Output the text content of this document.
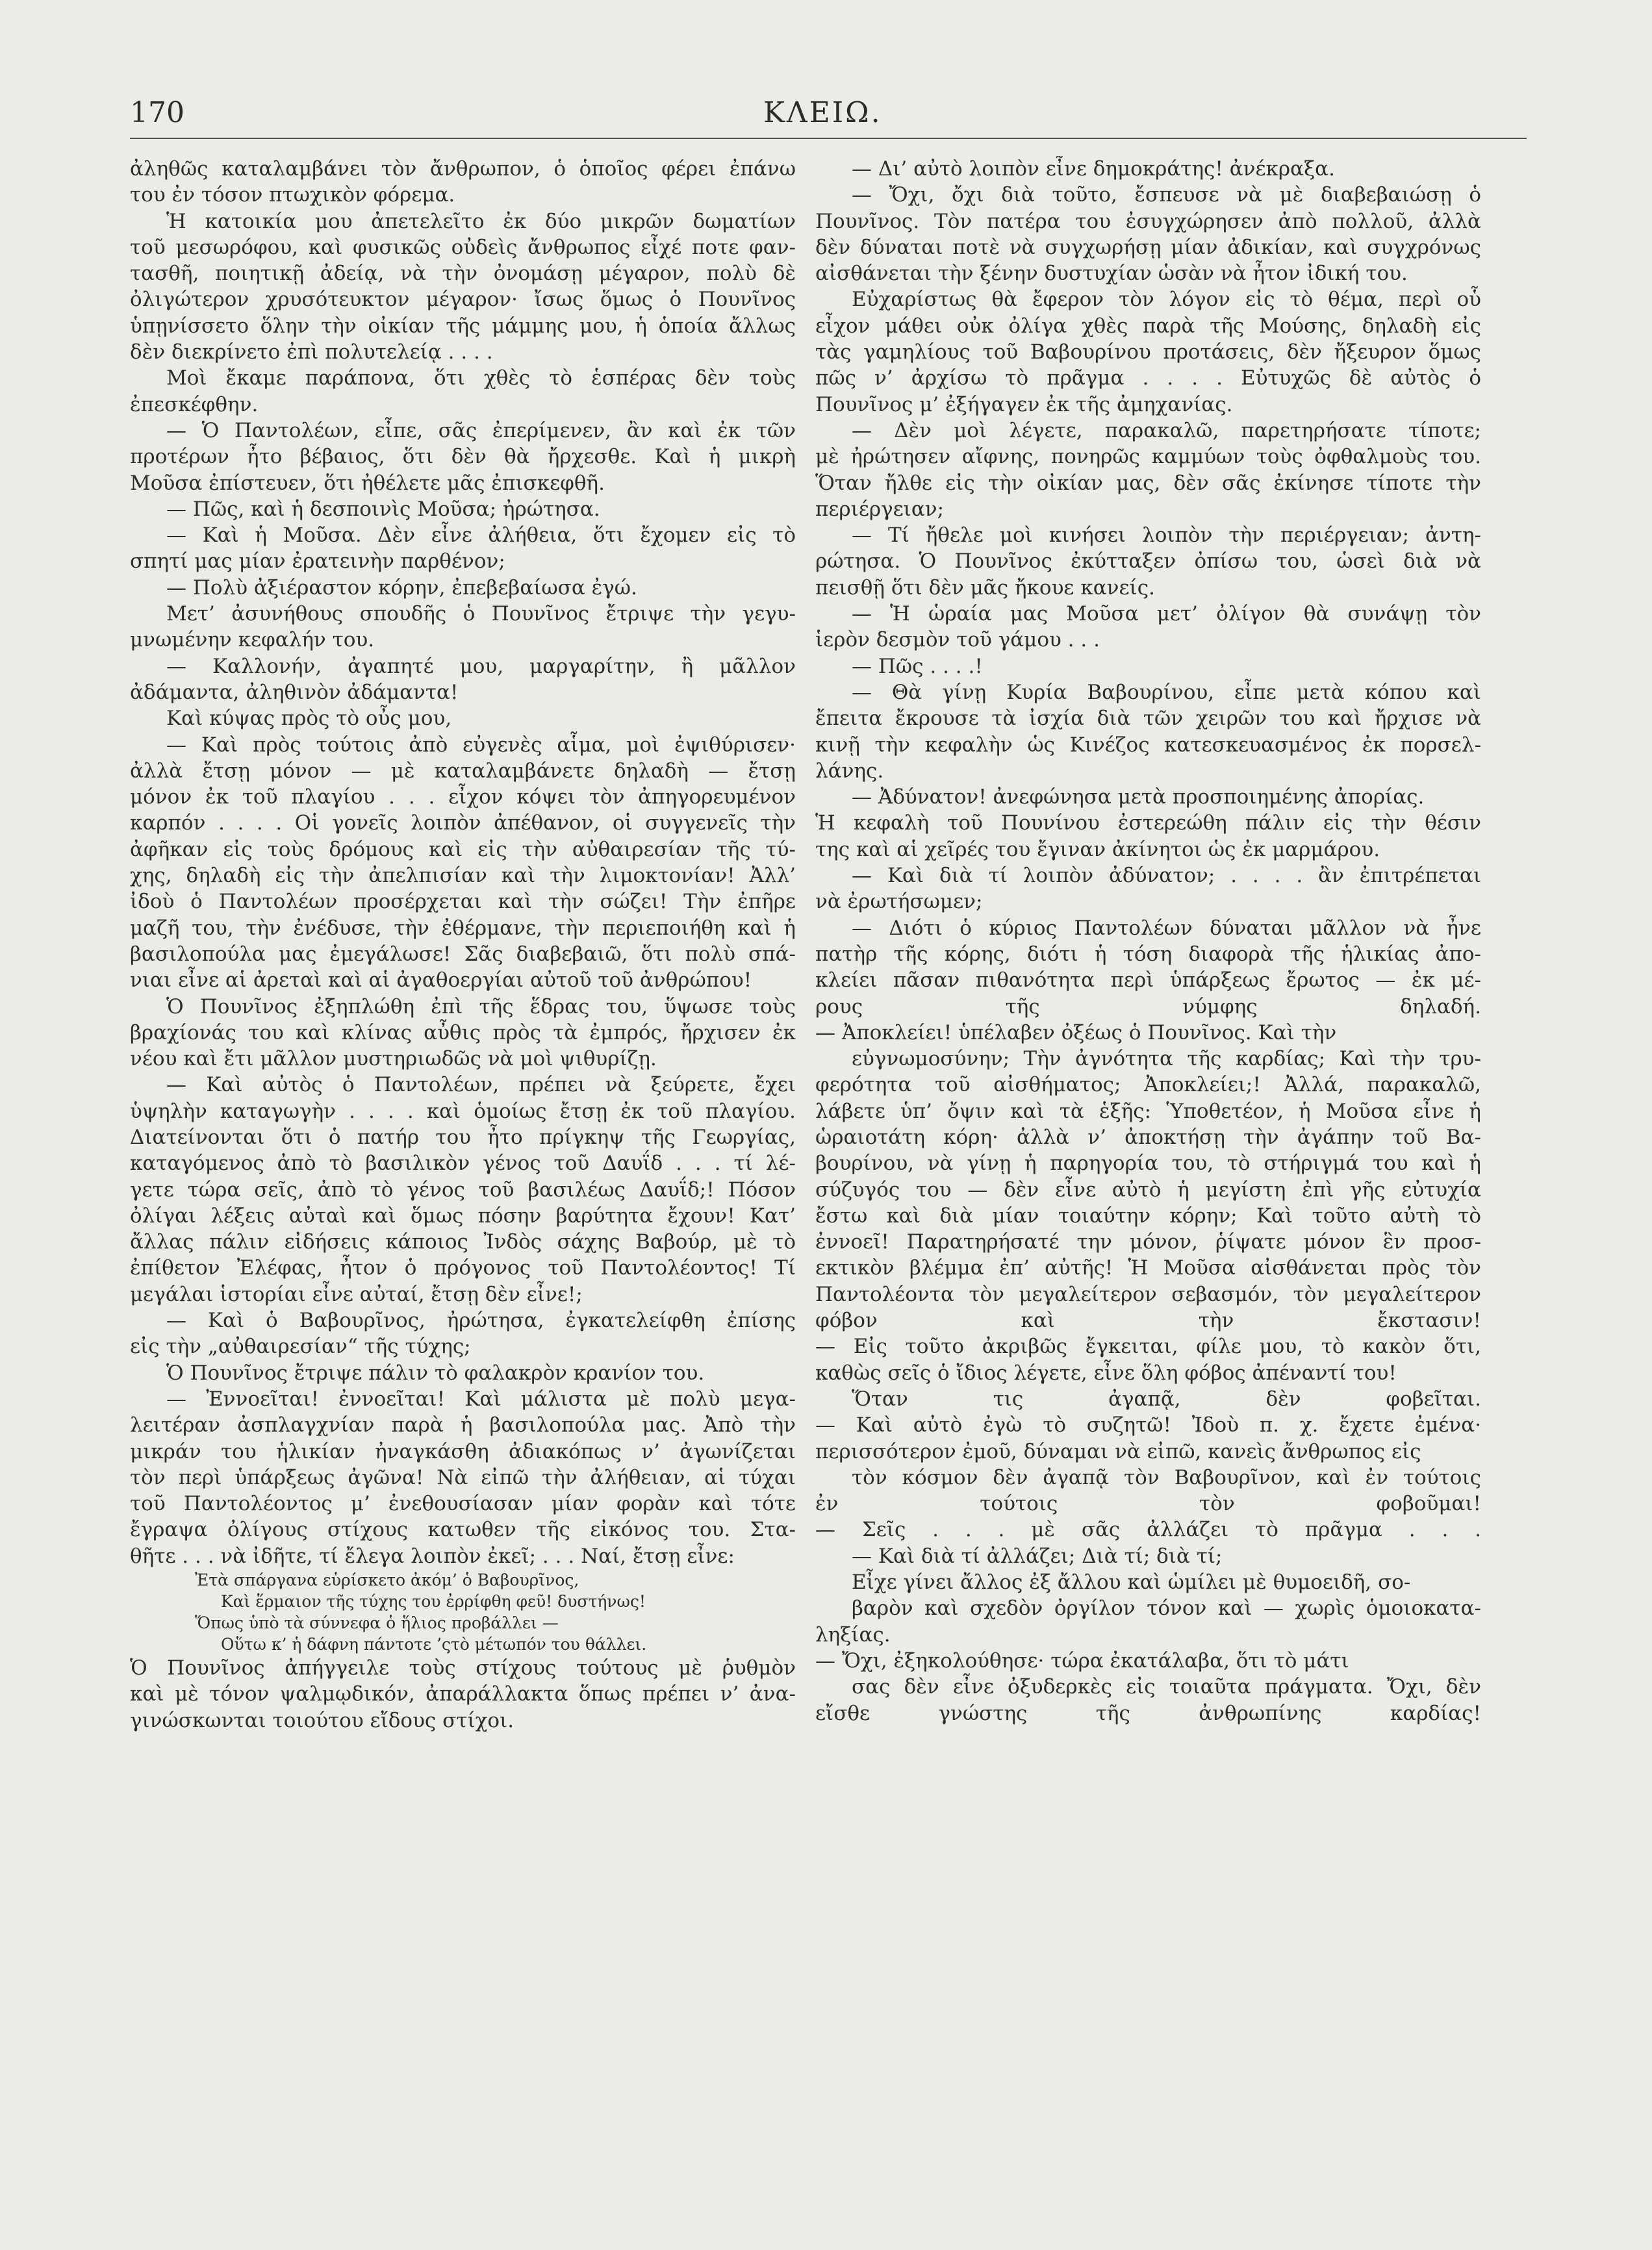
170	ΚΛΕΙΩ.
ἀληθῶς καταλαμβάνει τὸν ἄνθρωπον, ὁ ὁποῖος φέρει ἐπάνω
του ἐν τόσον πτωχικὸν φόρεμα.
Ἡ κατοικία μου ἀπετελεῖτο ἐκ δύο μικρῶν δωματίων
τοῦ μεσωρόφου, καὶ φυσικῶς οὐδεὶς ἄνθρωπος εἶχέ ποτε φαν-
τασθῆ, ποιητικῇ ἀδείᾳ, νὰ τὴν ὀνομάσῃ μέγαρον, πολὺ δὲ
ὀλιγώτερον χρυσότευκτον μέγαρον· ἴσως ὅμως ὁ Πουνῖνος
ὑπῃνίσσετο ὅλην τὴν οἰκίαν τῆς μάμμης μου, ἡ ὁποία ἄλλως
δὲν διεκρίνετο ἐπὶ πολυτελείᾳ . . . .
Μοὶ ἔκαμε παράπονα, ὅτι χθὲς τὸ ἑσπέρας δὲν τοὺς
ἐπεσκέφθην.
— Ὁ Παντολέων, εἶπε, σᾶς ἐπερίμενεν, ἂν καὶ ἐκ τῶν
προτέρων ἦτο βέβαιος, ὅτι δὲν θὰ ἤρχεσθε. Καὶ ἡ μικρὴ
Μοῦσα ἐπίστευεν, ὅτι ἠθέλετε μᾶς ἐπισκεφθῆ.
— Πῶς, καὶ ἡ δεσποινὶς Μοῦσα; ἠρώτησα.
— Καὶ ἡ Μοῦσα. Δὲν εἶνε ἀλήθεια, ὅτι ἔχομεν εἰς τὸ
σπητί μας μίαν ἐρατεινὴν παρθένον;
— Πολὺ ἀξιέραστον κόρην, ἐπεβεβαίωσα ἐγώ.
Μετ’ ἀσυνήθους σπουδῆς ὁ Πουνῖνος ἔτριψε τὴν γεγυ-
μνωμένην κεφαλήν του.
— Καλλονήν, ἀγαπητέ μου, μαργαρίτην, ἢ μᾶλλον
ἀδάμαντα, ἀληθινὸν ἀδάμαντα!
Καὶ κύψας πρὸς τὸ οὖς μου,
— Καὶ πρὸς τούτοις ἀπὸ εὐγενὲς αἷμα, μοὶ ἐψιθύρισεν·
ἀλλὰ ἔτσῃ μόνον — μὲ καταλαμβάνετε δηλαδὴ — ἔτσῃ
μόνον ἐκ τοῦ πλαγίου . . . εἶχον κόψει τὸν ἀπηγορευμένον
καρπόν . . . . Οἱ γονεῖς λοιπὸν ἀπέθανον, οἱ συγγενεῖς τὴν
ἀφῆκαν εἰς τοὺς δρόμους καὶ εἰς τὴν αὐθαιρεσίαν τῆς τύ-
χης, δηλαδὴ εἰς τὴν ἀπελπισίαν καὶ τὴν λιμοκτονίαν! Ἀλλ’
ἰδοὺ ὁ Παντολέων προσέρχεται καὶ τὴν σώζει! Τὴν ἐπῆρε
μαζῆ του, τὴν ἐνέδυσε, τὴν ἐθέρμανε, τὴν περιεποιήθη καὶ ἡ
βασιλοπούλα μας ἐμεγάλωσε! Σᾶς διαβεβαιῶ, ὅτι πολὺ σπά-
νιαι εἶνε αἱ ἀρεταὶ καὶ αἱ ἀγαθοεργίαι αὐτοῦ τοῦ ἀνθρώπου!
Ὁ Πουνῖνος ἐξηπλώθη ἐπὶ τῆς ἕδρας του, ὕψωσε τοὺς
βραχίονάς του καὶ κλίνας αὖθις πρὸς τὰ ἐμπρός, ἤρχισεν ἐκ
νέου καὶ ἔτι μᾶλλον μυστηριωδῶς νὰ μοὶ ψιθυρίζῃ.
— Καὶ αὐτὸς ὁ Παντολέων, πρέπει νὰ ξεύρετε, ἔχει
ὑψηλὴν καταγωγὴν . . . . καὶ ὁμοίως ἔτσῃ ἐκ τοῦ πλαγίου.
Διατείνονται ὅτι ὁ πατήρ του ἦτο πρίγκηψ τῆς Γεωργίας,
καταγόμενος ἀπὸ τὸ βασιλικὸν γένος τοῦ Δαυΐδ . . . τί λέ-
γετε τώρα σεῖς, ἀπὸ τὸ γένος τοῦ βασιλέως Δαυΐδ;! Πόσον
ὀλίγαι λέξεις αὐταὶ καὶ ὅμως πόσην βαρύτητα ἔχουν! Κατ’
ἄλλας πάλιν εἰδήσεις κάποιος Ἰνδὸς σάχης Βαβούρ, μὲ τὸ
ἐπίθετον Ἐλέφας, ἦτον ὁ πρόγονος τοῦ Παντολέοντος! Τί
μεγάλαι ἱστορίαι εἶνε αὐταί, ἔτσῃ δὲν εἶνε!;
— Καὶ ὁ Βαβουρῖνος, ἠρώτησα, ἐγκατελείφθη ἐπίσης
εἰς τὴν „αὐθαιρεσίαν“ τῆς τύχης;
Ὁ Πουνῖνος ἔτριψε πάλιν τὸ φαλακρὸν κρανίον του.
— Ἐννοεῖται! ἐννοεῖται! Καὶ μάλιστα μὲ πολὺ μεγα-
λειτέραν ἀσπλαγχνίαν παρὰ ἡ βασιλοπούλα μας. Ἀπὸ τὴν
μικράν του ἡλικίαν ἠναγκάσθη ἀδιακόπως ν’ ἀγωνίζεται
τὸν περὶ ὑπάρξεως ἀγῶνα! Νὰ εἰπῶ τὴν ἀλήθειαν, αἱ τύχαι
τοῦ Παντολέοντος μ’ ἐνεθουσίασαν μίαν φορὰν καὶ τότε
ἔγραψα ὀλίγους στίχους κατωθεν τῆς εἰκόνος του. Στα-
θῆτε . . . νὰ ἰδῆτε, τί ἔλεγα λοιπὸν ἐκεῖ; . . . Ναί, ἔτσῃ εἶνε:
Ἐτὰ σπάργανα εὑρίσκετο ἀκόμ’ ὁ Βαβουρῖνος,
Καὶ ἕρμαιον τῆς τύχης του ἐρρίφθη φεῦ! δυστήνως!
Ὅπως ὑπὸ τὰ σύννεφα ὁ ἥλιος προβάλλει —
Οὕτω κ’ ἡ δάφνη πάντοτε ’ςτὸ μέτωπόν του θάλλει.
Ὁ Πουνῖνος ἀπήγγειλε τοὺς στίχους τούτους μὲ ῥυθμὸν
καὶ μὲ τόνον ψαλμῳδικόν, ἀπαράλλακτα ὅπως πρέπει ν’ ἀνα-
γινώσκωνται τοιούτου εἴδους στίχοι.
— Δι’ αὐτὸ λοιπὸν εἶνε δημοκράτης! ἀνέκραξα.
— Ὄχι, ὄχι διὰ τοῦτο, ἔσπευσε νὰ μὲ διαβεβαιώσῃ ὁ
Πουνῖνος. Τὸν πατέρα του ἐσυγχώρησεν ἀπὸ πολλοῦ, ἀλλὰ
δὲν δύναται ποτὲ νὰ συγχωρήσῃ μίαν ἀδικίαν, καὶ συγχρόνως
αἰσθάνεται τὴν ξένην δυστυχίαν ὡσὰν νὰ ἦτον ἰδική του.
Εὐχαρίστως θὰ ἔφερον τὸν λόγον εἰς τὸ θέμα, περὶ οὗ
εἶχον μάθει οὐκ ὀλίγα χθὲς παρὰ τῆς Μούσης, δηλαδὴ εἰς
τὰς γαμηλίους τοῦ Βαβουρίνου προτάσεις, δὲν ἤξευρον ὅμως
πῶς ν’ ἀρχίσω τὸ πρᾶγμα . . . . Εὐτυχῶς δὲ αὐτὸς ὁ
Πουνῖνος μ’ ἐξήγαγεν ἐκ τῆς ἀμηχανίας.
— Δὲν μοὶ λέγετε, παρακαλῶ, παρετηρήσατε τίποτε;
μὲ ἠρώτησεν αἴφνης, πονηρῶς καμμύων τοὺς ὀφθαλμοὺς του.
Ὅταν ἤλθε εἰς τὴν οἰκίαν μας, δὲν σᾶς ἐκίνησε τίποτε τὴν
περιέργειαν;
— Τί ἤθελε μοὶ κινήσει λοιπὸν τὴν περιέργειαν; ἀντη-
ρώτησα. Ὁ Πουνῖνος ἐκύτταξεν ὀπίσω του, ὡσεὶ διὰ νὰ
πεισθῇ ὅτι δὲν μᾶς ἤκουε κανείς.
— Ἡ ὡραία μας Μοῦσα μετ’ ὀλίγον θὰ συνάψῃ τὸν
ἱερὸν δεσμὸν τοῦ γάμου . . .
— Πῶς . . . .!
— Θὰ γίνῃ Κυρία Βαβουρίνου, εἶπε μετὰ κόπου καὶ
ἔπειτα ἔκρουσε τὰ ἰσχία διὰ τῶν χειρῶν του καὶ ἤρχισε νὰ
κινῇ τὴν κεφαλὴν ὡς Κινέζος κατεσκευασμένος ἐκ πορσελ-
λάνης.
— Ἀδύνατον! ἀνεφώνησα μετὰ προσποιημένης ἀπορίας.
Ἡ κεφαλὴ τοῦ Πουνίνου ἐστερεώθη πάλιν εἰς τὴν θέσιν
της καὶ αἱ χεῖρές του ἔγιναν ἀκίνητοι ὡς ἐκ μαρμάρου.
— Καὶ διὰ τί λοιπὸν ἀδύνατον; . . . . ἂν ἐπιτρέπεται
νὰ ἐρωτήσωμεν;
— Διότι ὁ κύριος Παντολέων δύναται μᾶλλον νὰ ἦνε
πατὴρ τῆς κόρης, διότι ἡ τόση διαφορὰ τῆς ἡλικίας ἀπο-
κλείει πᾶσαν πιθανότητα περὶ ὑπάρξεως ἔρωτος — ἐκ μέ-
ρους τῆς νύμφης δηλαδή.
— Ἀποκλείει! ὑπέλαβεν ὀξέως ὁ Πουνῖνος. Καὶ τὴν
εὐγνωμοσύνην; Τὴν ἀγνότητα τῆς καρδίας; Καὶ τὴν τρυ-
φερότητα τοῦ αἰσθήματος; Ἀποκλείει;! Ἀλλά, παρακαλῶ,
λάβετε ὑπ’ ὄψιν καὶ τὰ ἑξῆς: Ὑποθετέον, ἡ Μοῦσα εἶνε ἡ
ὡραιοτάτη κόρη· ἀλλὰ ν’ ἀποκτήσῃ τὴν ἀγάπην τοῦ Βα-
βουρίνου, νὰ γίνῃ ἡ παρηγορία του, τὸ στήριγμά του καὶ ἡ
σύζυγός του — δὲν εἶνε αὐτὸ ἡ μεγίστη ἐπὶ γῆς εὐτυχία
ἔστω καὶ διὰ μίαν τοιαύτην κόρην; Καὶ τοῦτο αὐτὴ τὸ
ἐννοεῖ! Παρατηρήσατέ την μόνον, ῥίψατε μόνον ἓν προσ-
εκτικὸν βλέμμα ἐπ’ αὐτῆς! Ἡ Μοῦσα αἰσθάνεται πρὸς τὸν
Παντολέοντα τὸν μεγαλείτερον σεβασμόν, τὸν μεγαλείτερον
φόβον καὶ τὴν ἔκστασιν!
— Εἰς τοῦτο ἀκριβῶς ἔγκειται, φίλε μου, τὸ κακὸν ὅτι,
καθὼς σεῖς ὁ ἴδιος λέγετε, εἶνε ὅλη φόβος ἀπέναντί του!
Ὅταν τις ἀγαπᾷ, δὲν φοβεῖται.
— Καὶ αὐτὸ ἐγὼ τὸ συζητῶ! Ἰδοὺ π. χ. ἔχετε ἐμένα·
περισσότερον ἐμοῦ, δύναμαι νὰ εἰπῶ, κανεὶς ἄνθρωπος εἰς
τὸν κόσμον δὲν ἀγαπᾷ τὸν Βαβουρῖνον, καὶ ἐν τούτοις
ἐν τούτοις τὸν φοβοῦμαι!
— Σεῖς . . . μὲ σᾶς ἀλλάζει τὸ πρᾶγμα . . .
— Καὶ διὰ τί ἀλλάζει; Διὰ τί; διὰ τί;
Εἶχε γίνει ἄλλος ἐξ ἄλλου καὶ ὡμίλει μὲ θυμοειδῆ, σο-
βαρὸν καὶ σχεδὸν ὀργίλον τόνον καὶ — χωρὶς ὁμοιοκατα-
ληξίας.
— Ὄχι, ἐξηκολούθησε· τώρα ἐκατάλαβα, ὅτι τὸ μάτι
σας δὲν εἶνε ὀξυδερκὲς εἰς τοιαῦτα πράγματα. Ὄχι, δὲν
εἴσθε γνώστης τῆς ἀνθρωπίνης καρδίας!
